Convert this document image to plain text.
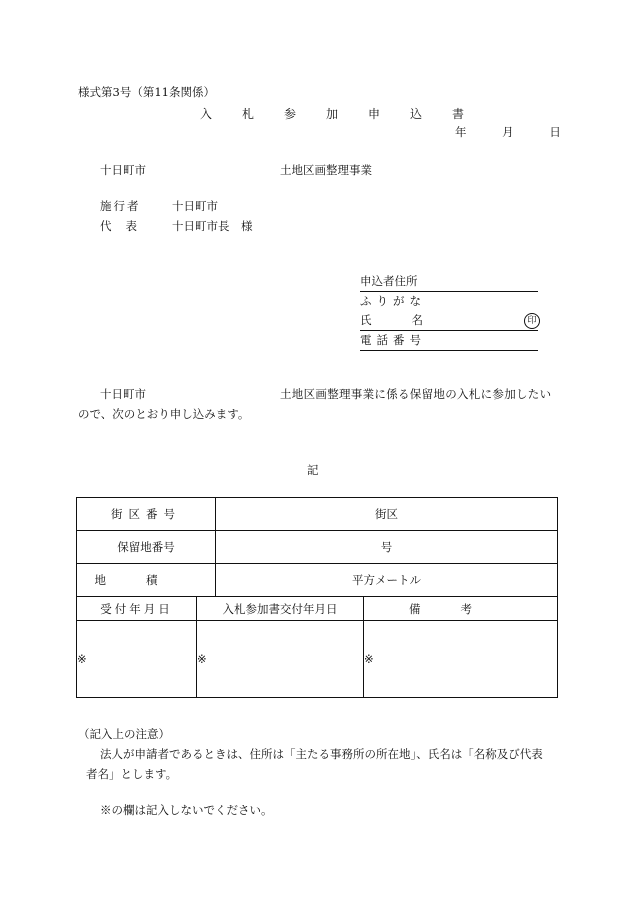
様式第3号（第11条関係）
入札参加申込書
年	月	日
十日町市	土地区画整理事業
施行者	十日町市
代表 十日町市長　様
申込者住所
ふりがな
氏名	印
電話番号
十日町市	土地区画整理事業に係る保留地の入札に参加したい
ので、次のとおり申し込みます。
記
街区番号		街区	
保留地番号		号	
地積		平方メートル	
受付年月日	入札参加書交付年月日		備考
※	※		※
（記入上の注意）
法人が申請者であるときは、住所は「主たる事務所の所在地」、氏名は「名称及び代表
者名」とします。
※の欄は記入しないでください。
